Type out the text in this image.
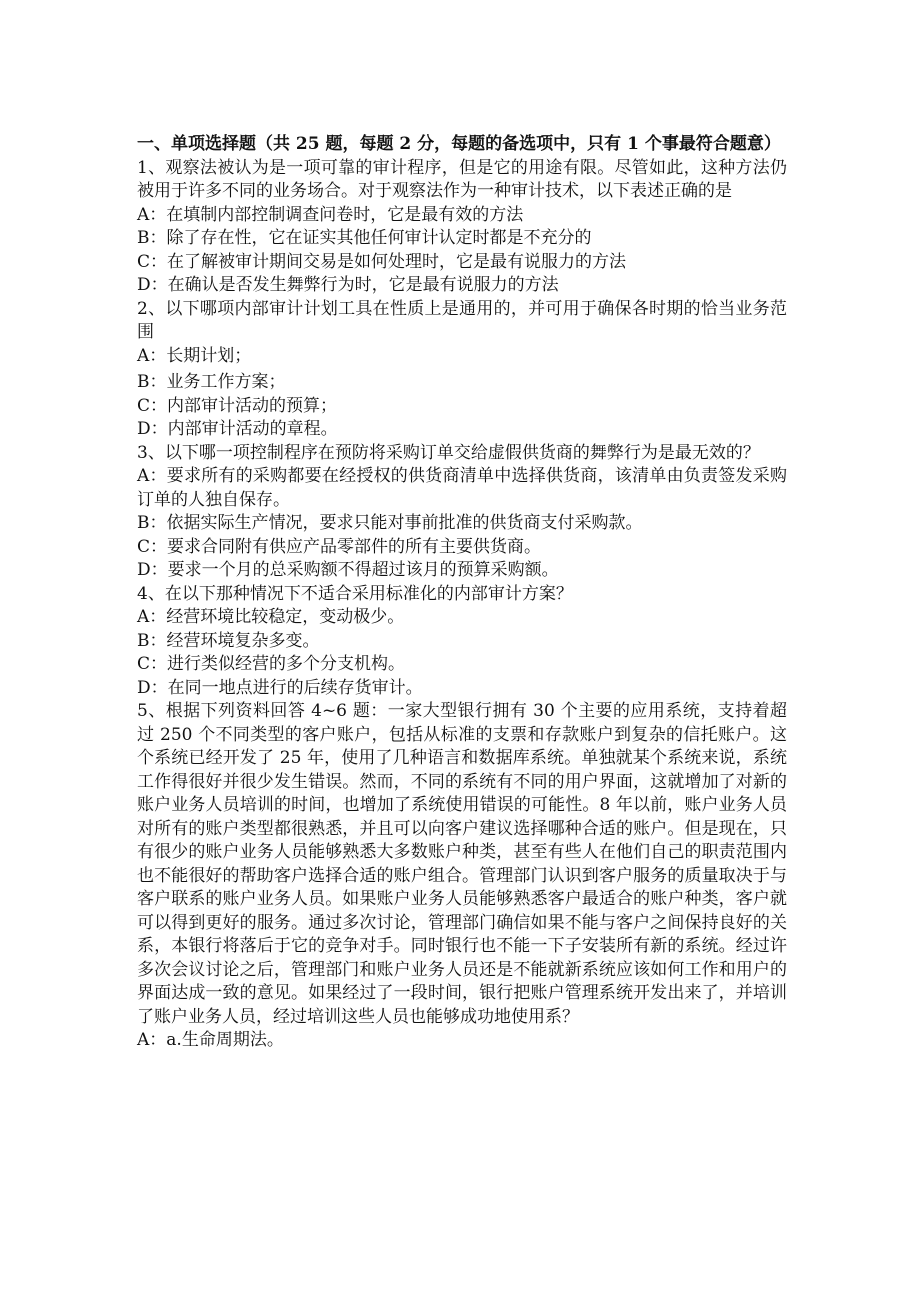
一、单项选择题（共 25 题，每题 2 分，每题的备选项中，只有 1 个事最符合题意）

1、观察法被认为是一项可靠的审计程序，但是它的用途有限。尽管如此，这种方法仍被用于许多不同的业务场合。对于观察法作为一种审计技术，以下表述正确的是

A：在填制内部控制调查问卷时，它是最有效的方法

B：除了存在性，它在证实其他任何审计认定时都是不充分的

C：在了解被审计期间交易是如何处理时，它是最有说服力的方法

D：在确认是否发生舞弊行为时，它是最有说服力的方法

2、以下哪项内部审计计划工具在性质上是通用的，并可用于确保各时期的恰当业务范围

A：长期计划；

B：业务工作方案；

C：内部审计活动的预算；

D：内部审计活动的章程。

3、以下哪一项控制程序在预防将采购订单交给虚假供货商的舞弊行为是最无效的？

A：要求所有的采购都要在经授权的供货商清单中选择供货商，该清单由负责签发采购订单的人独自保存。

B：依据实际生产情况，要求只能对事前批准的供货商支付采购款。

C：要求合同附有供应产品零部件的所有主要供货商。

D：要求一个月的总采购额不得超过该月的预算采购额。

4、在以下那种情况下不适合采用标准化的内部审计方案？

A：经营环境比较稳定，变动极少。

B：经营环境复杂多变。

C：进行类似经营的多个分支机构。

D：在同一地点进行的后续存货审计。

5、根据下列资料回答 4~6 题：一家大型银行拥有 30 个主要的应用系统，支持着超过 250 个不同类型的客户账户，包括从标准的支票和存款账户到复杂的信托账户。这个系统已经开发了 25 年，使用了几种语言和数据库系统。单独就某个系统来说，系统工作得很好并很少发生错误。然而，不同的系统有不同的用户界面，这就增加了对新的账户业务人员培训的时间，也增加了系统使用错误的可能性。8 年以前，账户业务人员对所有的账户类型都很熟悉，并且可以向客户建议选择哪种合适的账户。但是现在，只有很少的账户业务人员能够熟悉大多数账户种类，甚至有些人在他们自己的职责范围内也不能很好的帮助客户选择合适的账户组合。管理部门认识到客户服务的质量取决于与客户联系的账户业务人员。如果账户业务人员能够熟悉客户最适合的账户种类，客户就可以得到更好的服务。通过多次讨论，管理部门确信如果不能与客户之间保持良好的关系，本银行将落后于它的竞争对手。同时银行也不能一下子安装所有新的系统。经过许多次会议讨论之后，管理部门和账户业务人员还是不能就新系统应该如何工作和用户的界面达成一致的意见。如果经过了一段时间，银行把账户管理系统开发出来了，并培训了账户业务人员，经过培训这些人员也能够成功地使用系？

A：a.生命周期法。
